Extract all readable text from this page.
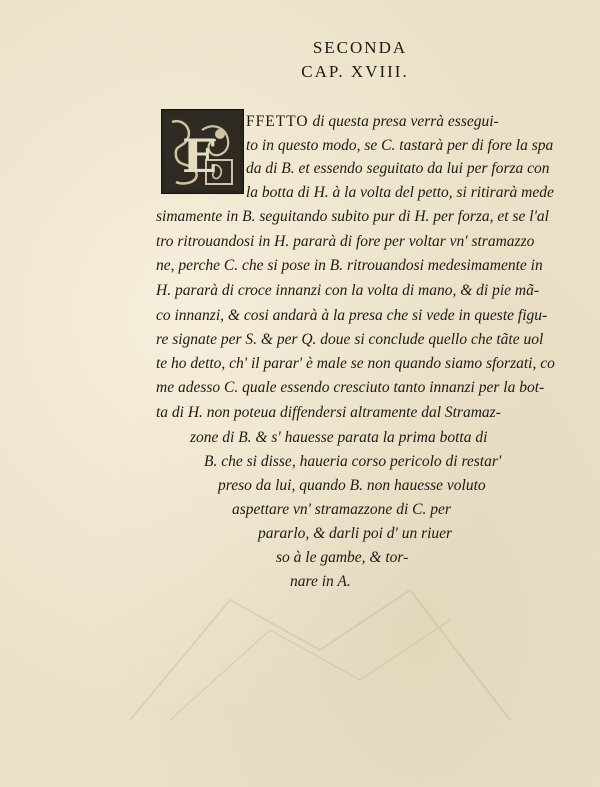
SECONDA
CAP. XVIII.
E
FFETTO di questa presa verrà essegui-
to in questo modo, se C. tastarà per di fore la spa
da di B. et essendo seguitato da lui per forza con
la botta di H. à la volta del petto, si ritirarà mede
simamente in B. seguitando subito pur di H. per forza, et se l'al
tro ritrouandosi in H. pararà di fore per voltar vn' stramazzo
ne, perche C. che si pose in B. ritrouandosi medesimamente in
H. pararà di croce innanzi con la volta di mano, & di pie mã-
co innanzi, & cosi andarà à la presa che si vede in queste figu-
re signate per S. & per Q. doue si conclude quello che tãte uol
te ho detto, ch' il parar' è male se non quando siamo sforzati, co
me adesso C. quale essendo cresciuto tanto innanzi per la bot-
ta di H. non poteua diffendersi altramente dal Stramaz-
zone di B. & s' hauesse parata la prima botta di
B. che si disse, haueria corso pericolo di restar'
preso da lui, quando B. non hauesse voluto
aspettare vn' stramazzone di C. per
pararlo, & darli poi d' un riuer
so à le gambe, & tor-
nare in A.
